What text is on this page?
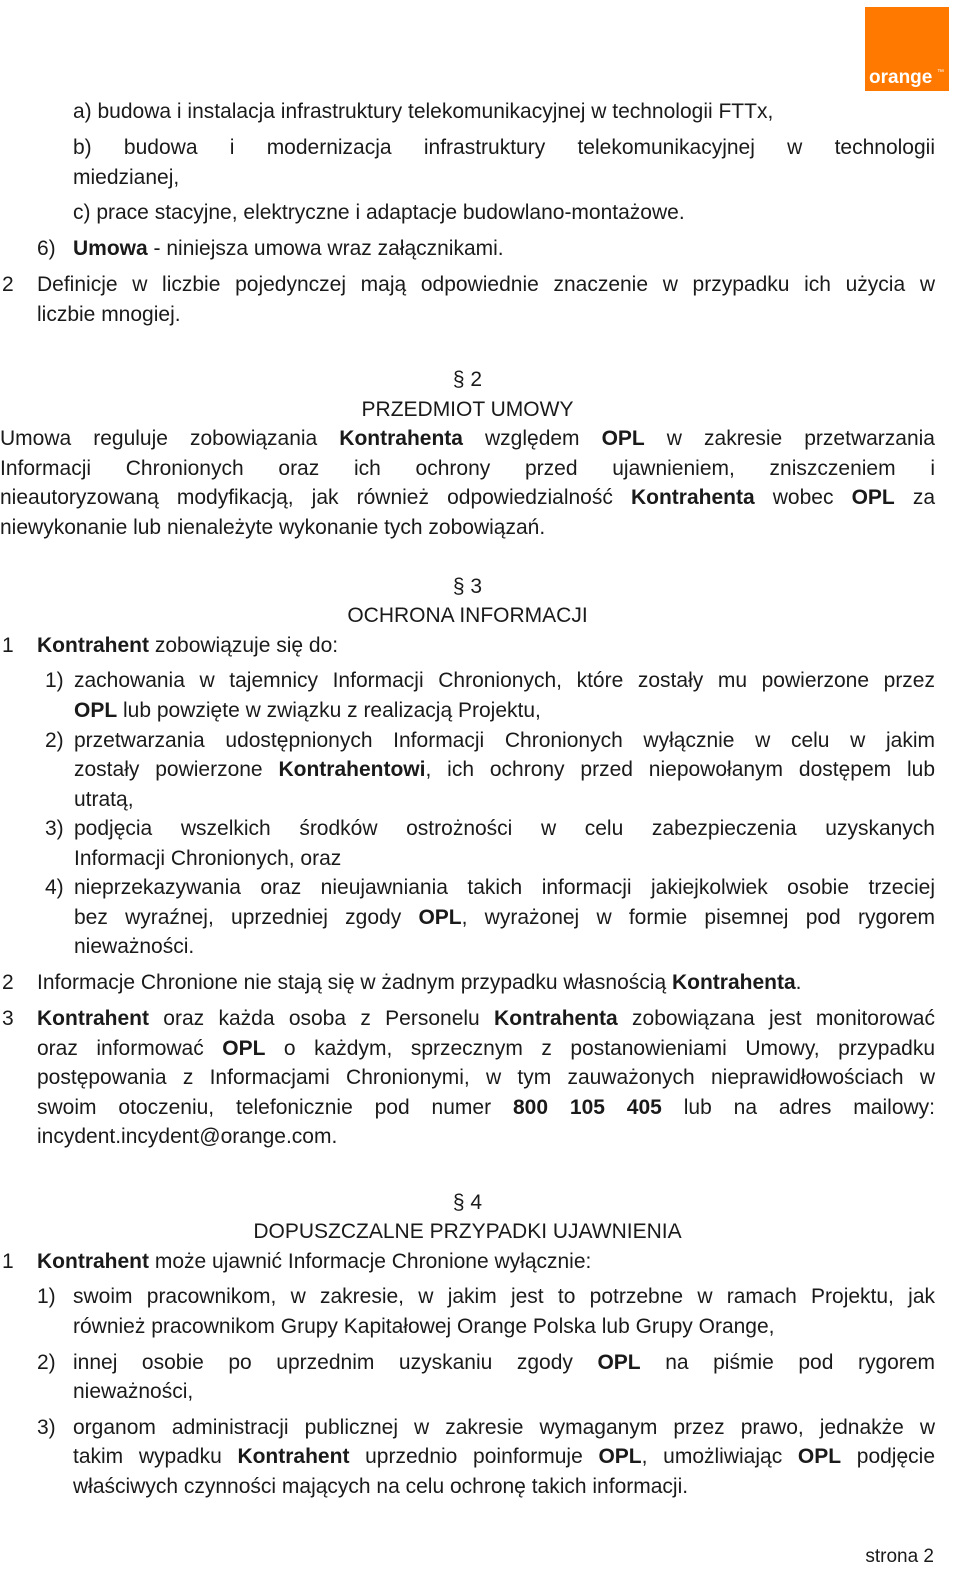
orange ™
a) budowa i instalacja infrastruktury telekomunikacyjnej w technologii FTTx,
b) budowa i modernizacja infrastruktury telekomunikacyjnej w technologii
miedzianej,
c) prace stacyjne, elektryczne i adaptacje budowlano-montażowe.
6) Umowa - niniejsza umowa wraz załącznikami.
2 Definicje w liczbie pojedynczej mają odpowiednie znaczenie w przypadku ich użycia w
liczbie mnogiej.
§ 2
PRZEDMIOT UMOWY
Umowa reguluje zobowiązania Kontrahenta względem OPL w zakresie przetwarzania
Informacji Chronionych oraz ich ochrony przed ujawnieniem, zniszczeniem i
nieautoryzowaną modyfikacją, jak również odpowiedzialność Kontrahenta wobec OPL za
niewykonanie lub nienależyte wykonanie tych zobowiązań.
§ 3
OCHRONA INFORMACJI
1 Kontrahent zobowiązuje się do:
1) zachowania w tajemnicy Informacji Chronionych, które zostały mu powierzone przez
OPL lub powzięte w związku z realizacją Projektu,
2) przetwarzania udostępnionych Informacji Chronionych wyłącznie w celu w jakim
zostały powierzone Kontrahentowi, ich ochrony przed niepowołanym dostępem lub
utratą,
3) podjęcia wszelkich środków ostrożności w celu zabezpieczenia uzyskanych
Informacji Chronionych, oraz
4) nieprzekazywania oraz nieujawniania takich informacji jakiejkolwiek osobie trzeciej
bez wyraźnej, uprzedniej zgody OPL, wyrażonej w formie pisemnej pod rygorem
nieważności.
2 Informacje Chronione nie stają się w żadnym przypadku własnością Kontrahenta.
3 Kontrahent oraz każda osoba z Personelu Kontrahenta zobowiązana jest monitorować
oraz informować OPL o każdym, sprzecznym z postanowieniami Umowy, przypadku
postępowania z Informacjami Chronionymi, w tym zauważonych nieprawidłowościach w
swoim otoczeniu, telefonicznie pod numer 800 105 405 lub na adres mailowy:
incydent.incydent@orange.com.
§ 4
DOPUSZCZALNE PRZYPADKI UJAWNIENIA
1 Kontrahent może ujawnić Informacje Chronione wyłącznie:
1) swoim pracownikom, w zakresie, w jakim jest to potrzebne w ramach Projektu, jak
również pracownikom Grupy Kapitałowej Orange Polska lub Grupy Orange,
2) innej osobie po uprzednim uzyskaniu zgody OPL na piśmie pod rygorem
nieważności,
3) organom administracji publicznej w zakresie wymaganym przez prawo, jednakże w
takim wypadku Kontrahent uprzednio poinformuje OPL, umożliwiając OPL podjęcie
właściwych czynności mających na celu ochronę takich informacji.
strona 2
